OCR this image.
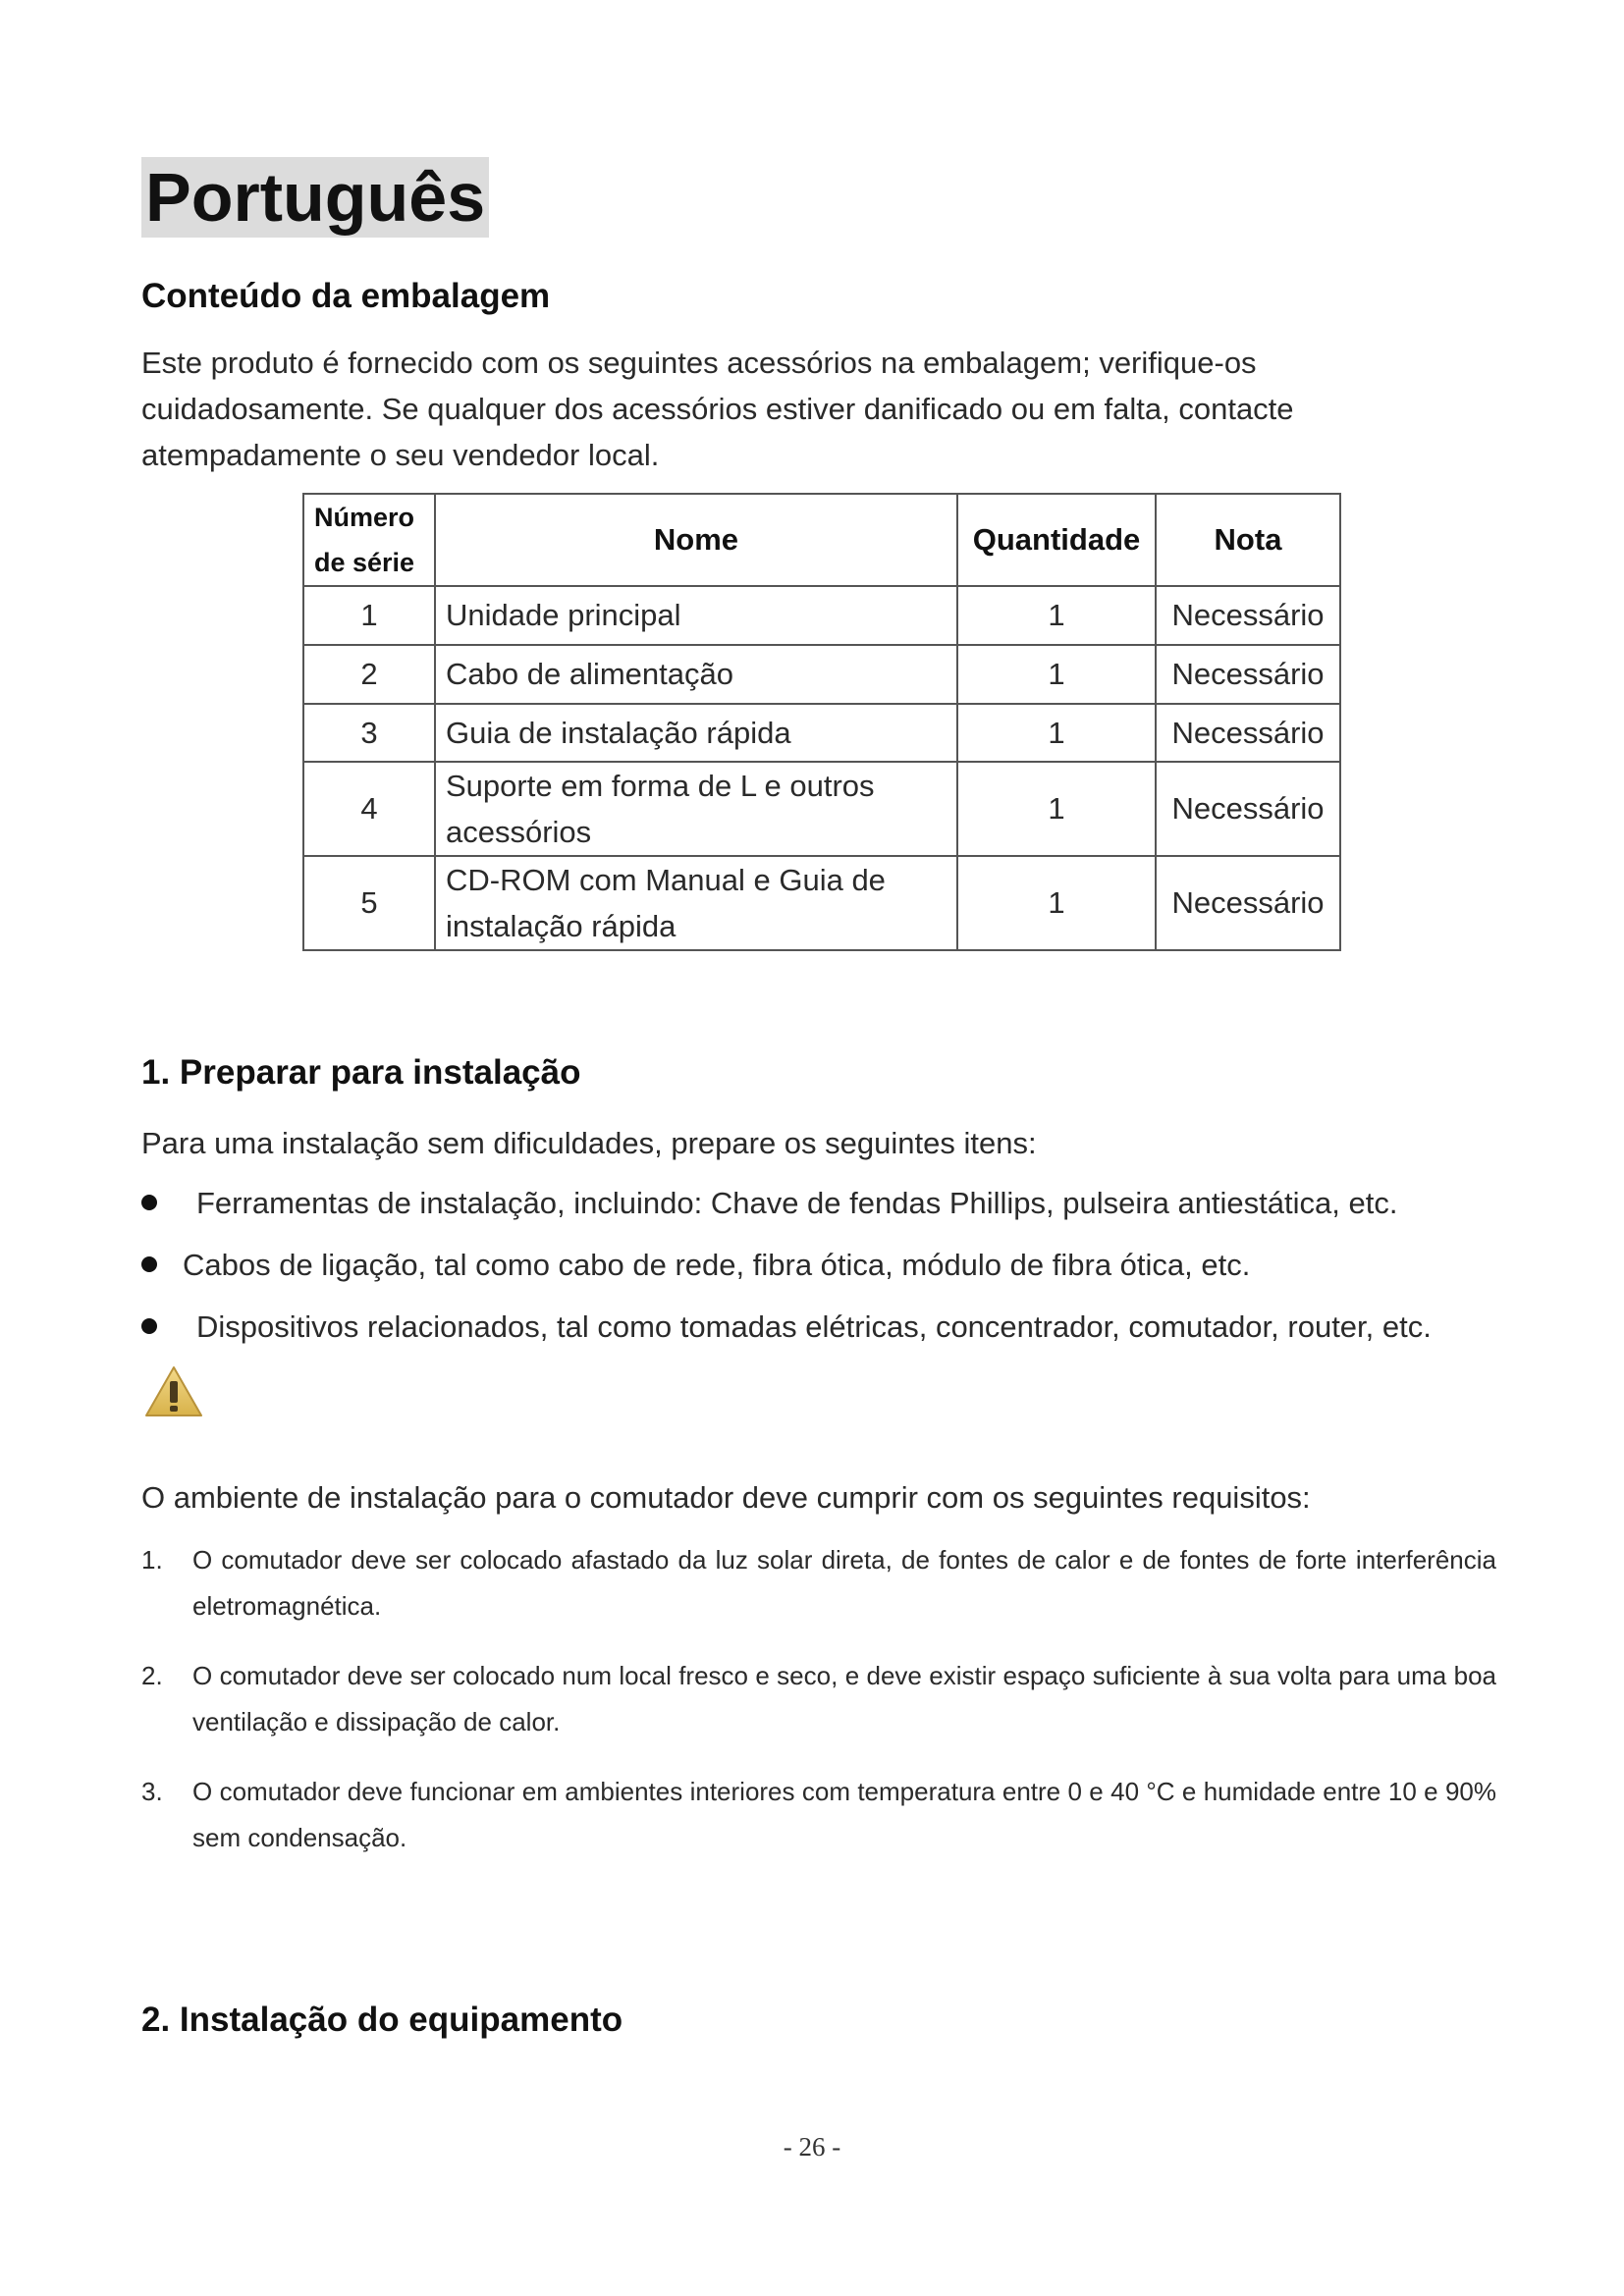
Português
Conteúdo da embalagem
Este produto é fornecido com os seguintes acessórios na embalagem; verifique-os cuidadosamente. Se qualquer dos acessórios estiver danificado ou em falta, contacte atempadamente o seu vendedor local.
Número de série	Nome	Quantidade	Nota
1	Unidade principal	1	Necessário
2	Cabo de alimentação	1	Necessário
3	Guia de instalação rápida	1	Necessário
4	Suporte em forma de L e outros acessórios	1	Necessário
5	CD-ROM com Manual e Guia de instalação rápida	1	Necessário
1. Preparar para instalação
Para uma instalação sem dificuldades, prepare os seguintes itens:
Ferramentas de instalação, incluindo: Chave de fendas Phillips, pulseira antiestática, etc.
Cabos de ligação, tal como cabo de rede, fibra ótica, módulo de fibra ótica, etc.
Dispositivos relacionados, tal como tomadas elétricas, concentrador, comutador, router, etc.
O ambiente de instalação para o comutador deve cumprir com os seguintes requisitos:
1. O comutador deve ser colocado afastado da luz solar direta, de fontes de calor e de fontes de forte interferência eletromagnética.
2. O comutador deve ser colocado num local fresco e seco, e deve existir espaço suficiente à sua volta para uma boa ventilação e dissipação de calor.
3. O comutador deve funcionar em ambientes interiores com temperatura entre 0 e 40 °C e humidade entre 10 e 90% sem condensação.
2. Instalação do equipamento
- 26 -
